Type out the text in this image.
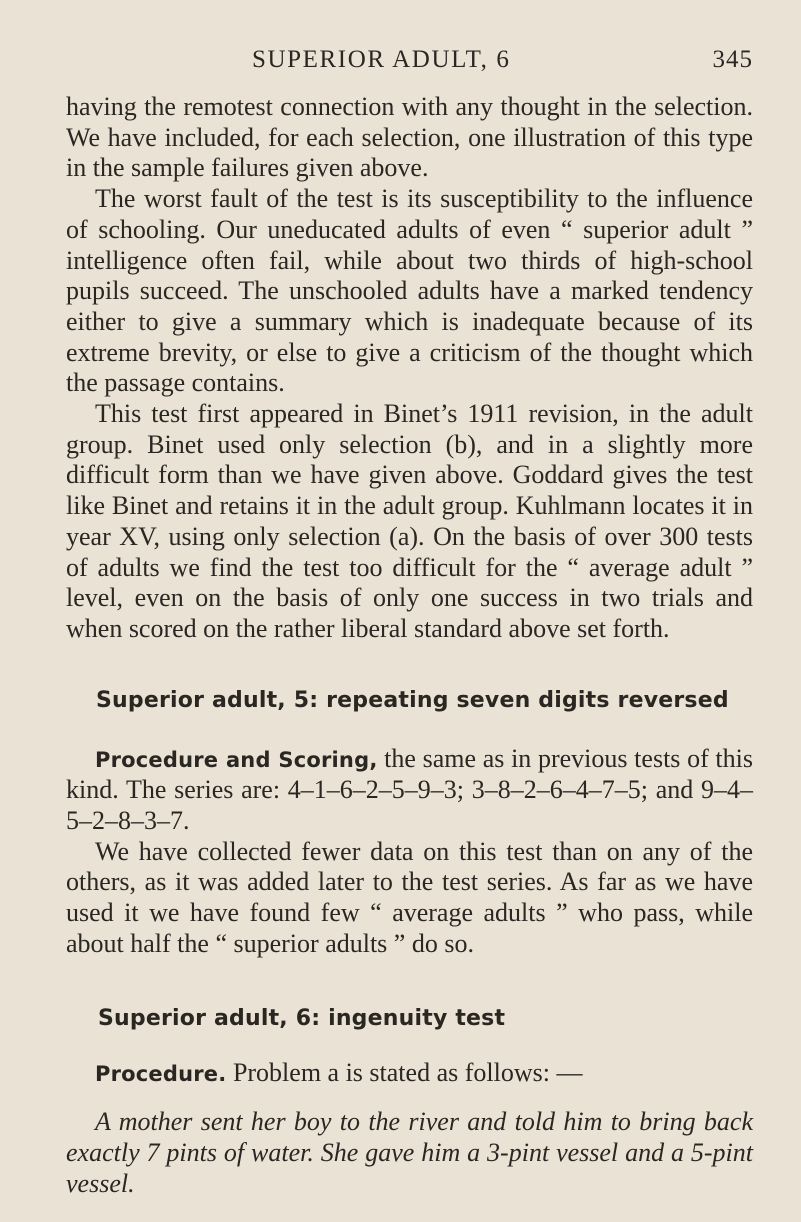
SUPERIOR ADULT, 6	345

having the remotest connection with any thought in the selection. We have included, for each selection, one illustration of this type in the sample failures given above.

The worst fault of the test is its susceptibility to the influence of schooling. Our uneducated adults of even “ superior adult ” intelligence often fail, while about two thirds of high-school pupils succeed. The unschooled adults have a marked tendency either to give a summary which is inadequate because of its extreme brevity, or else to give a criticism of the thought which the passage contains.

This test first appeared in Binet’s 1911 revision, in the adult group. Binet used only selection (b), and in a slightly more difficult form than we have given above. Goddard gives the test like Binet and retains it in the adult group. Kuhlmann locates it in year XV, using only selection (a). On the basis of over 300 tests of adults we find the test too difficult for the “ average adult ” level, even on the basis of only one success in two trials and when scored on the rather liberal standard above set forth.

Superior adult, 5: repeating seven digits reversed

Procedure and Scoring, the same as in previous tests of this kind. The series are: 4–1–6–2–5–9–3; 3–8–2–6–4–7–5; and 9–4–5–2–8–3–7.

We have collected fewer data on this test than on any of the others, as it was added later to the test series. As far as we have used it we have found few “ average adults ” who pass, while about half the “ superior adults ” do so.

Superior adult, 6: ingenuity test

Procedure. Problem a is stated as follows: —

A mother sent her boy to the river and told him to bring back exactly 7 pints of water. She gave him a 3-pint vessel and a 5-pint vessel.
